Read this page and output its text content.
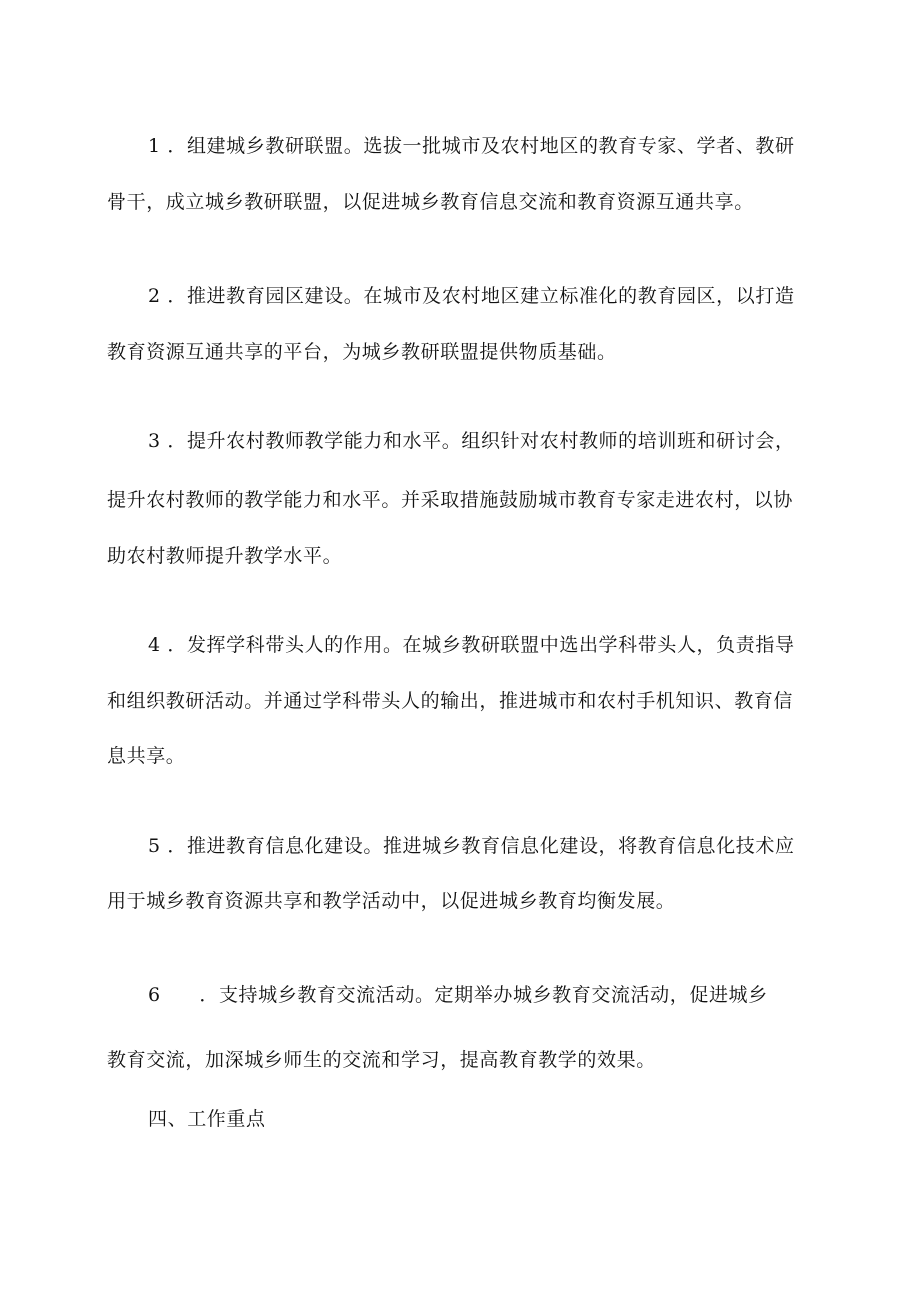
1 ．组建城乡教研联盟。选拔一批城市及农村地区的教育专家、学者、教研
骨干，成立城乡教研联盟，以促进城乡教育信息交流和教育资源互通共享。
2 ．推进教育园区建设。在城市及农村地区建立标准化的教育园区，以打造
教育资源互通共享的平台，为城乡教研联盟提供物质基础。
3 ．提升农村教师教学能力和水平。组织针对农村教师的培训班和研讨会，
提升农村教师的教学能力和水平。并采取措施鼓励城市教育专家走进农村，以协
助农村教师提升教学水平。
4 ．发挥学科带头人的作用。在城乡教研联盟中选出学科带头人，负责指导
和组织教研活动。并通过学科带头人的输出，推进城市和农村手机知识、教育信
息共享。
5 ．推进教育信息化建设。推进城乡教育信息化建设，将教育信息化技术应
用于城乡教育资源共享和教学活动中，以促进城乡教育均衡发展。
6 ．支持城乡教育交流活动。定期举办城乡教育交流活动，促进城乡
教育交流，加深城乡师生的交流和学习，提高教育教学的效果。
四、工作重点
